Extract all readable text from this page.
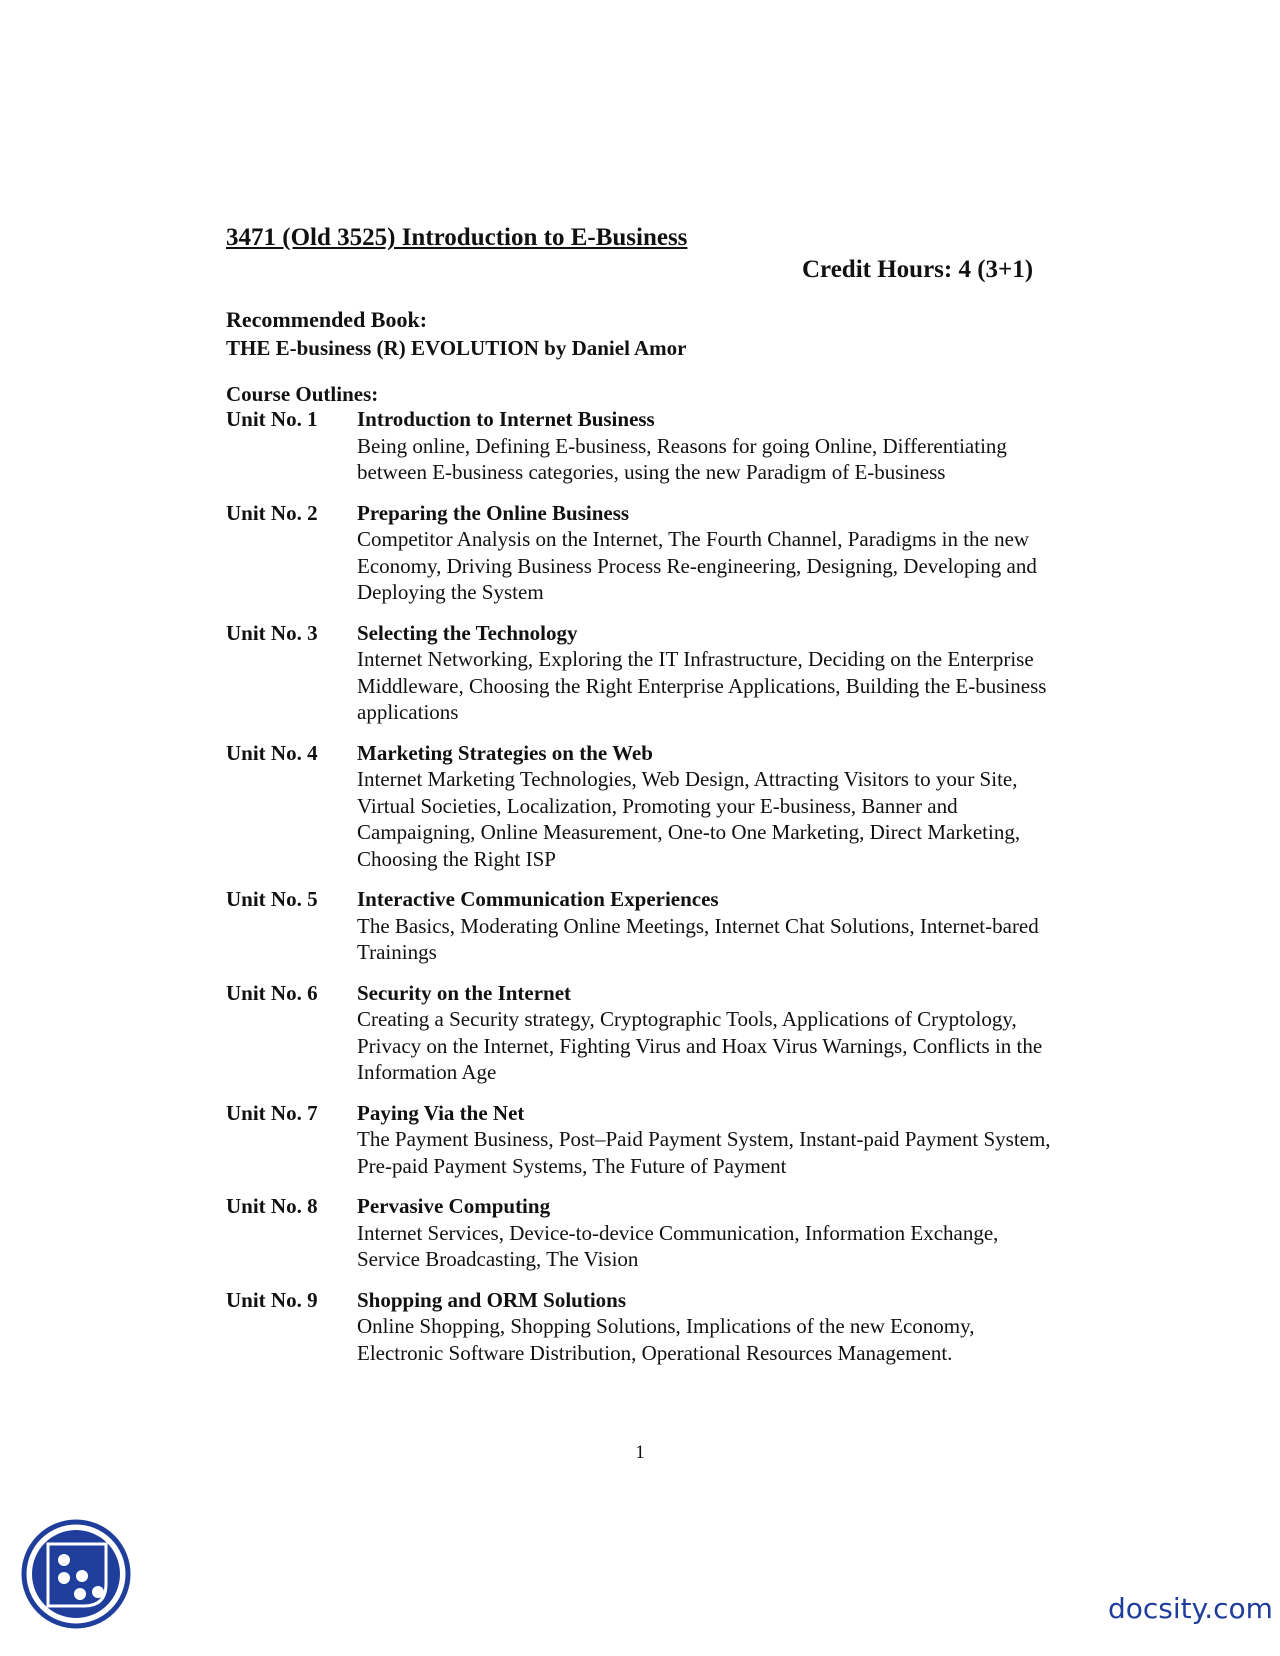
3471 (Old 3525) Introduction to E-Business
Credit Hours: 4 (3+1)
Recommended Book:
THE E-business (R) EVOLUTION by Daniel Amor
Course Outlines:
Unit No. 1	Introduction to Internet Business
Being online, Defining E-business, Reasons for going Online, Differentiating between E-business categories, using the new Paradigm of E-business
Unit No. 2	Preparing the Online Business
Competitor Analysis on the Internet, The Fourth Channel, Paradigms in the new Economy, Driving Business Process Re-engineering, Designing, Developing and Deploying the System
Unit No. 3	Selecting the Technology
Internet Networking, Exploring the IT Infrastructure, Deciding on the Enterprise Middleware, Choosing the Right Enterprise Applications, Building the E-business applications
Unit No. 4	Marketing Strategies on the Web
Internet Marketing Technologies, Web Design, Attracting Visitors to your Site, Virtual Societies, Localization, Promoting your E-business, Banner and Campaigning, Online Measurement, One-to One Marketing, Direct Marketing, Choosing the Right ISP
Unit No. 5	Interactive Communication Experiences
The Basics, Moderating Online Meetings, Internet Chat Solutions, Internet-bared Trainings
Unit No. 6	Security on the Internet
Creating a Security strategy, Cryptographic Tools, Applications of Cryptology, Privacy on the Internet, Fighting Virus and Hoax Virus Warnings, Conflicts in the Information Age
Unit No. 7	Paying Via the Net
The Payment Business, Post–Paid Payment System, Instant-paid Payment System, Pre-paid Payment Systems, The Future of Payment
Unit No. 8	Pervasive Computing
Internet Services, Device-to-device Communication, Information Exchange, Service Broadcasting, The Vision
Unit No. 9	Shopping and ORM Solutions
Online Shopping, Shopping Solutions, Implications of the new Economy, Electronic Software Distribution, Operational Resources Management.
1
docsity.com
